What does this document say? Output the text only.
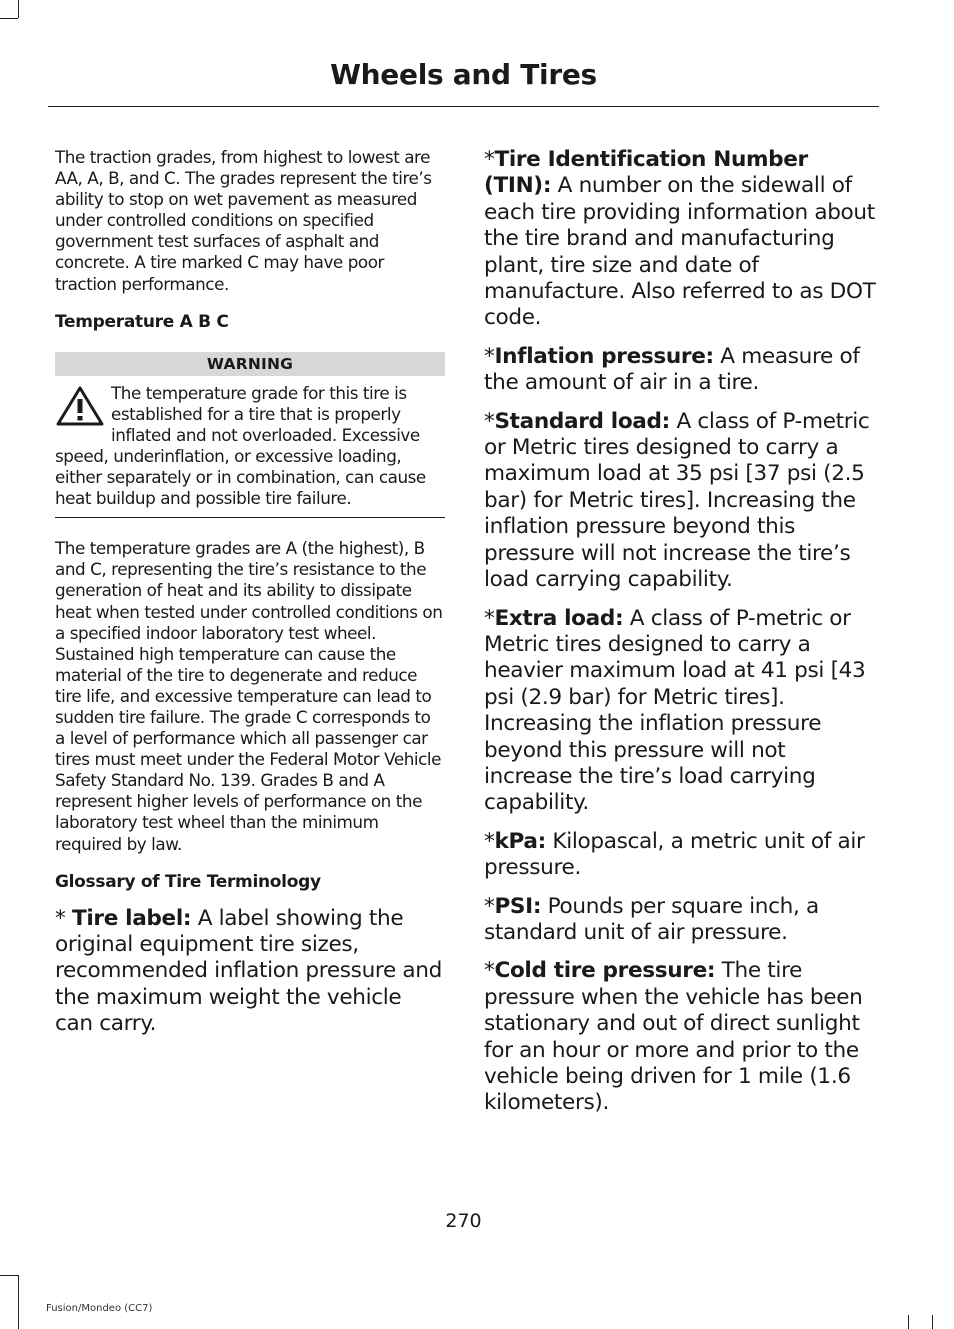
Wheels and Tires

The traction grades, from highest to lowest are AA, A, B, and C. The grades represent the tire’s ability to stop on wet pavement as measured under controlled conditions on specified government test surfaces of asphalt and concrete. A tire marked C may have poor traction performance.

Temperature A B C

WARNING

The temperature grade for this tire is established for a tire that is properly inflated and not overloaded. Excessive speed, underinflation, or excessive loading, either separately or in combination, can cause heat buildup and possible tire failure.

The temperature grades are A (the highest), B and C, representing the tire’s resistance to the generation of heat and its ability to dissipate heat when tested under controlled conditions on a specified indoor laboratory test wheel. Sustained high temperature can cause the material of the tire to degenerate and reduce tire life, and excessive temperature can lead to sudden tire failure. The grade C corresponds to a level of performance which all passenger car tires must meet under the Federal Motor Vehicle Safety Standard No. 139. Grades B and A represent higher levels of performance on the laboratory test wheel than the minimum required by law.

Glossary of Tire Terminology

* Tire label: A label showing the original equipment tire sizes, recommended inflation pressure and the maximum weight the vehicle can carry.

*Tire Identification Number (TIN): A number on the sidewall of each tire providing information about the tire brand and manufacturing plant, tire size and date of manufacture. Also referred to as DOT code.

*Inflation pressure: A measure of the amount of air in a tire.

*Standard load: A class of P-metric or Metric tires designed to carry a maximum load at 35 psi [37 psi (2.5 bar) for Metric tires]. Increasing the inflation pressure beyond this pressure will not increase the tire’s load carrying capability.

*Extra load: A class of P-metric or Metric tires designed to carry a heavier maximum load at 41 psi [43 psi (2.9 bar) for Metric tires]. Increasing the inflation pressure beyond this pressure will not increase the tire’s load carrying capability.

*kPa: Kilopascal, a metric unit of air pressure.

*PSI: Pounds per square inch, a standard unit of air pressure.

*Cold tire pressure: The tire pressure when the vehicle has been stationary and out of direct sunlight for an hour or more and prior to the vehicle being driven for 1 mile (1.6 kilometers).

270
Fusion/Mondeo (CC7)
